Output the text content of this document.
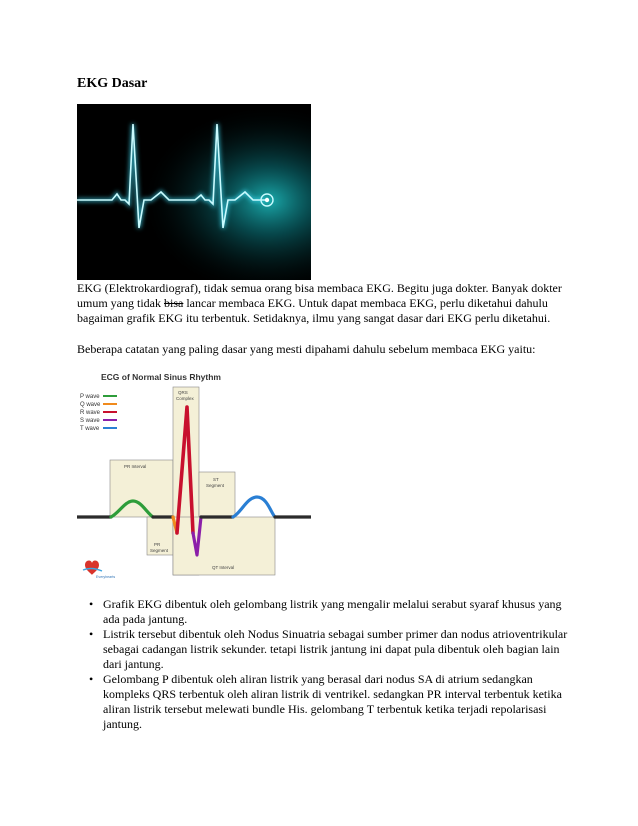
EKG Dasar
EKG (Elektrokardiograf), tidak semua orang bisa membaca EKG. Begitu juga dokter. Banyak dokter umum yang tidak bisa lancar membaca EKG. Untuk dapat membaca EKG, perlu diketahui dahulu bagaiman grafik EKG itu terbentuk. Setidaknya, ilmu yang sangat dasar dari EKG perlu diketahui.
Beberapa catatan yang paling dasar yang mesti dipahami dahulu sebelum membaca EKG yaitu:
ECG of Normal Sinus Rhythm
P wave
Q wave
R wave
S wave
T wave
PR Interval
QRS
Complex
ST
Segment
PR
Segment
QT Interval
Everyhearts
• Grafik EKG dibentuk oleh gelombang listrik yang mengalir melalui serabut syaraf khusus yang ada pada jantung.
• Listrik tersebut dibentuk oleh Nodus Sinuatria sebagai sumber primer dan nodus atrioventrikular sebagai cadangan listrik sekunder. tetapi listrik jantung ini dapat pula dibentuk oleh bagian lain dari jantung.
• Gelombang P dibentuk oleh aliran listrik yang berasal dari nodus SA di atrium sedangkan kompleks QRS terbentuk oleh aliran listrik di ventrikel. sedangkan PR interval terbentuk ketika aliran listrik tersebut melewati bundle His. gelombang T terbentuk ketika terjadi repolarisasi jantung.
